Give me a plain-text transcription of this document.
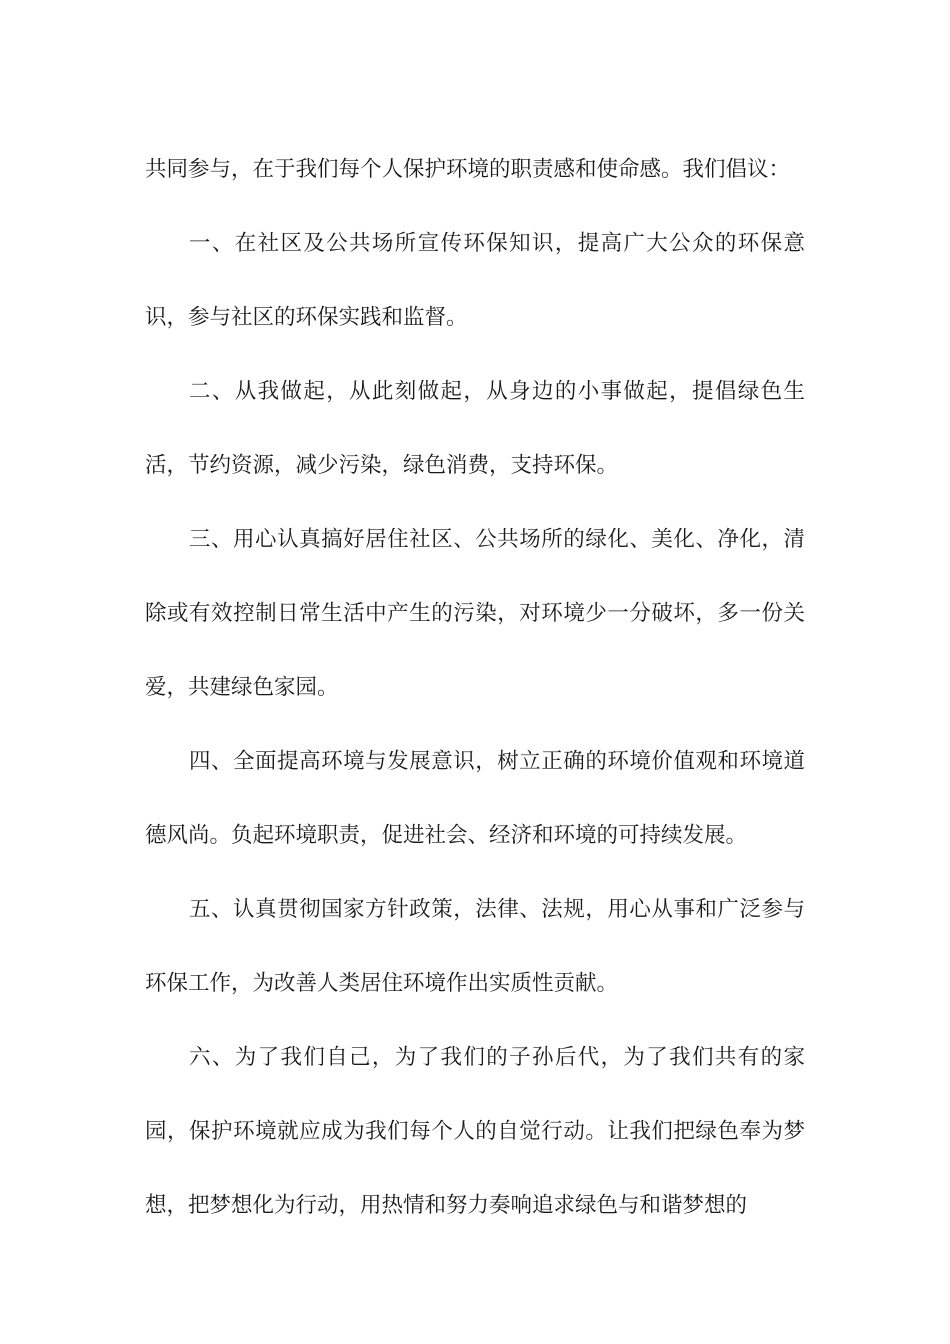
共同参与，在于我们每个人保护环境的职责感和使命感。我们倡议：

一、在社区及公共场所宣传环保知识，提高广大公众的环保意识，参与社区的环保实践和监督。

二、从我做起，从此刻做起，从身边的小事做起，提倡绿色生活，节约资源，减少污染，绿色消费，支持环保。

三、用心认真搞好居住社区、公共场所的绿化、美化、净化，清除或有效控制日常生活中产生的污染，对环境少一分破坏，多一份关爱，共建绿色家园。

四、全面提高环境与发展意识，树立正确的环境价值观和环境道德风尚。负起环境职责，促进社会、经济和环境的可持续发展。

五、认真贯彻国家方针政策，法律、法规，用心从事和广泛参与环保工作，为改善人类居住环境作出实质性贡献。

六、为了我们自己，为了我们的子孙后代，为了我们共有的家园，保护环境就应成为我们每个人的自觉行动。让我们把绿色奉为梦想，把梦想化为行动，用热情和努力奏响追求绿色与和谐梦想的
